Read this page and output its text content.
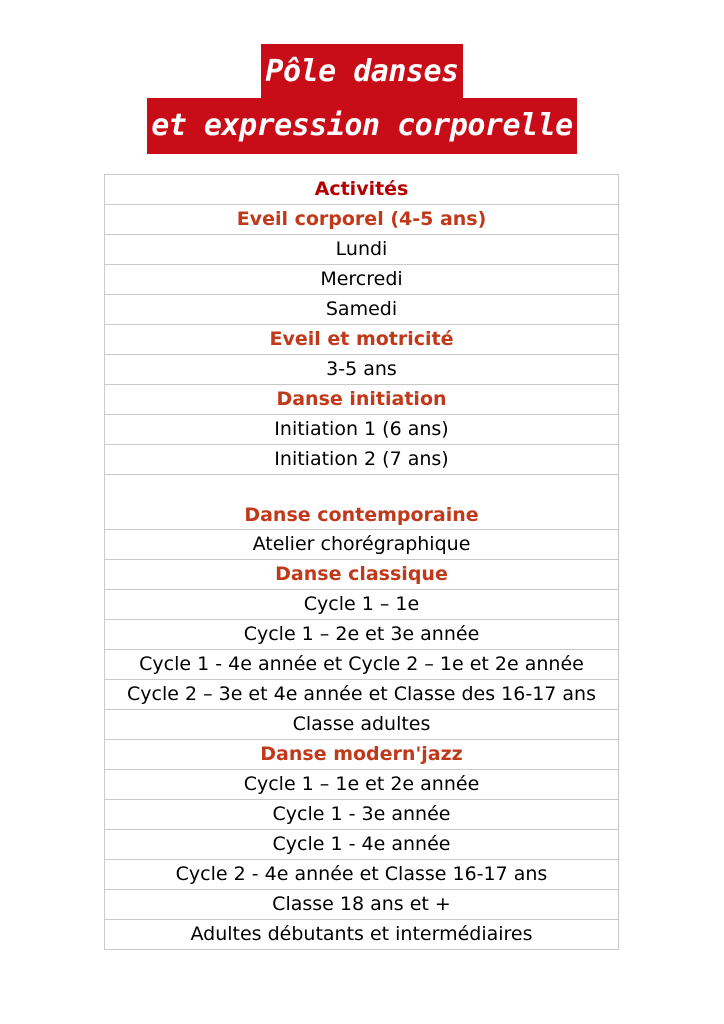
Pôle danses
et expression corporelle
Activités
Eveil corporel (4-5 ans)
Lundi
Mercredi
Samedi
Eveil et motricité
3-5 ans
Danse initiation
Initiation 1 (6 ans)
Initiation 2 (7 ans)
Danse contemporaine
Atelier chorégraphique
Danse classique
Cycle 1 – 1e
Cycle 1 – 2e et 3e année
Cycle 1 - 4e année et Cycle 2 – 1e et 2e année
Cycle 2 – 3e et 4e année et Classe des 16-17 ans
Classe adultes
Danse modern'jazz
Cycle 1 – 1e et 2e année
Cycle 1 - 3e année
Cycle 1 - 4e année
Cycle 2 - 4e année et Classe 16-17 ans
Classe 18 ans et +
Adultes débutants et intermédiaires
